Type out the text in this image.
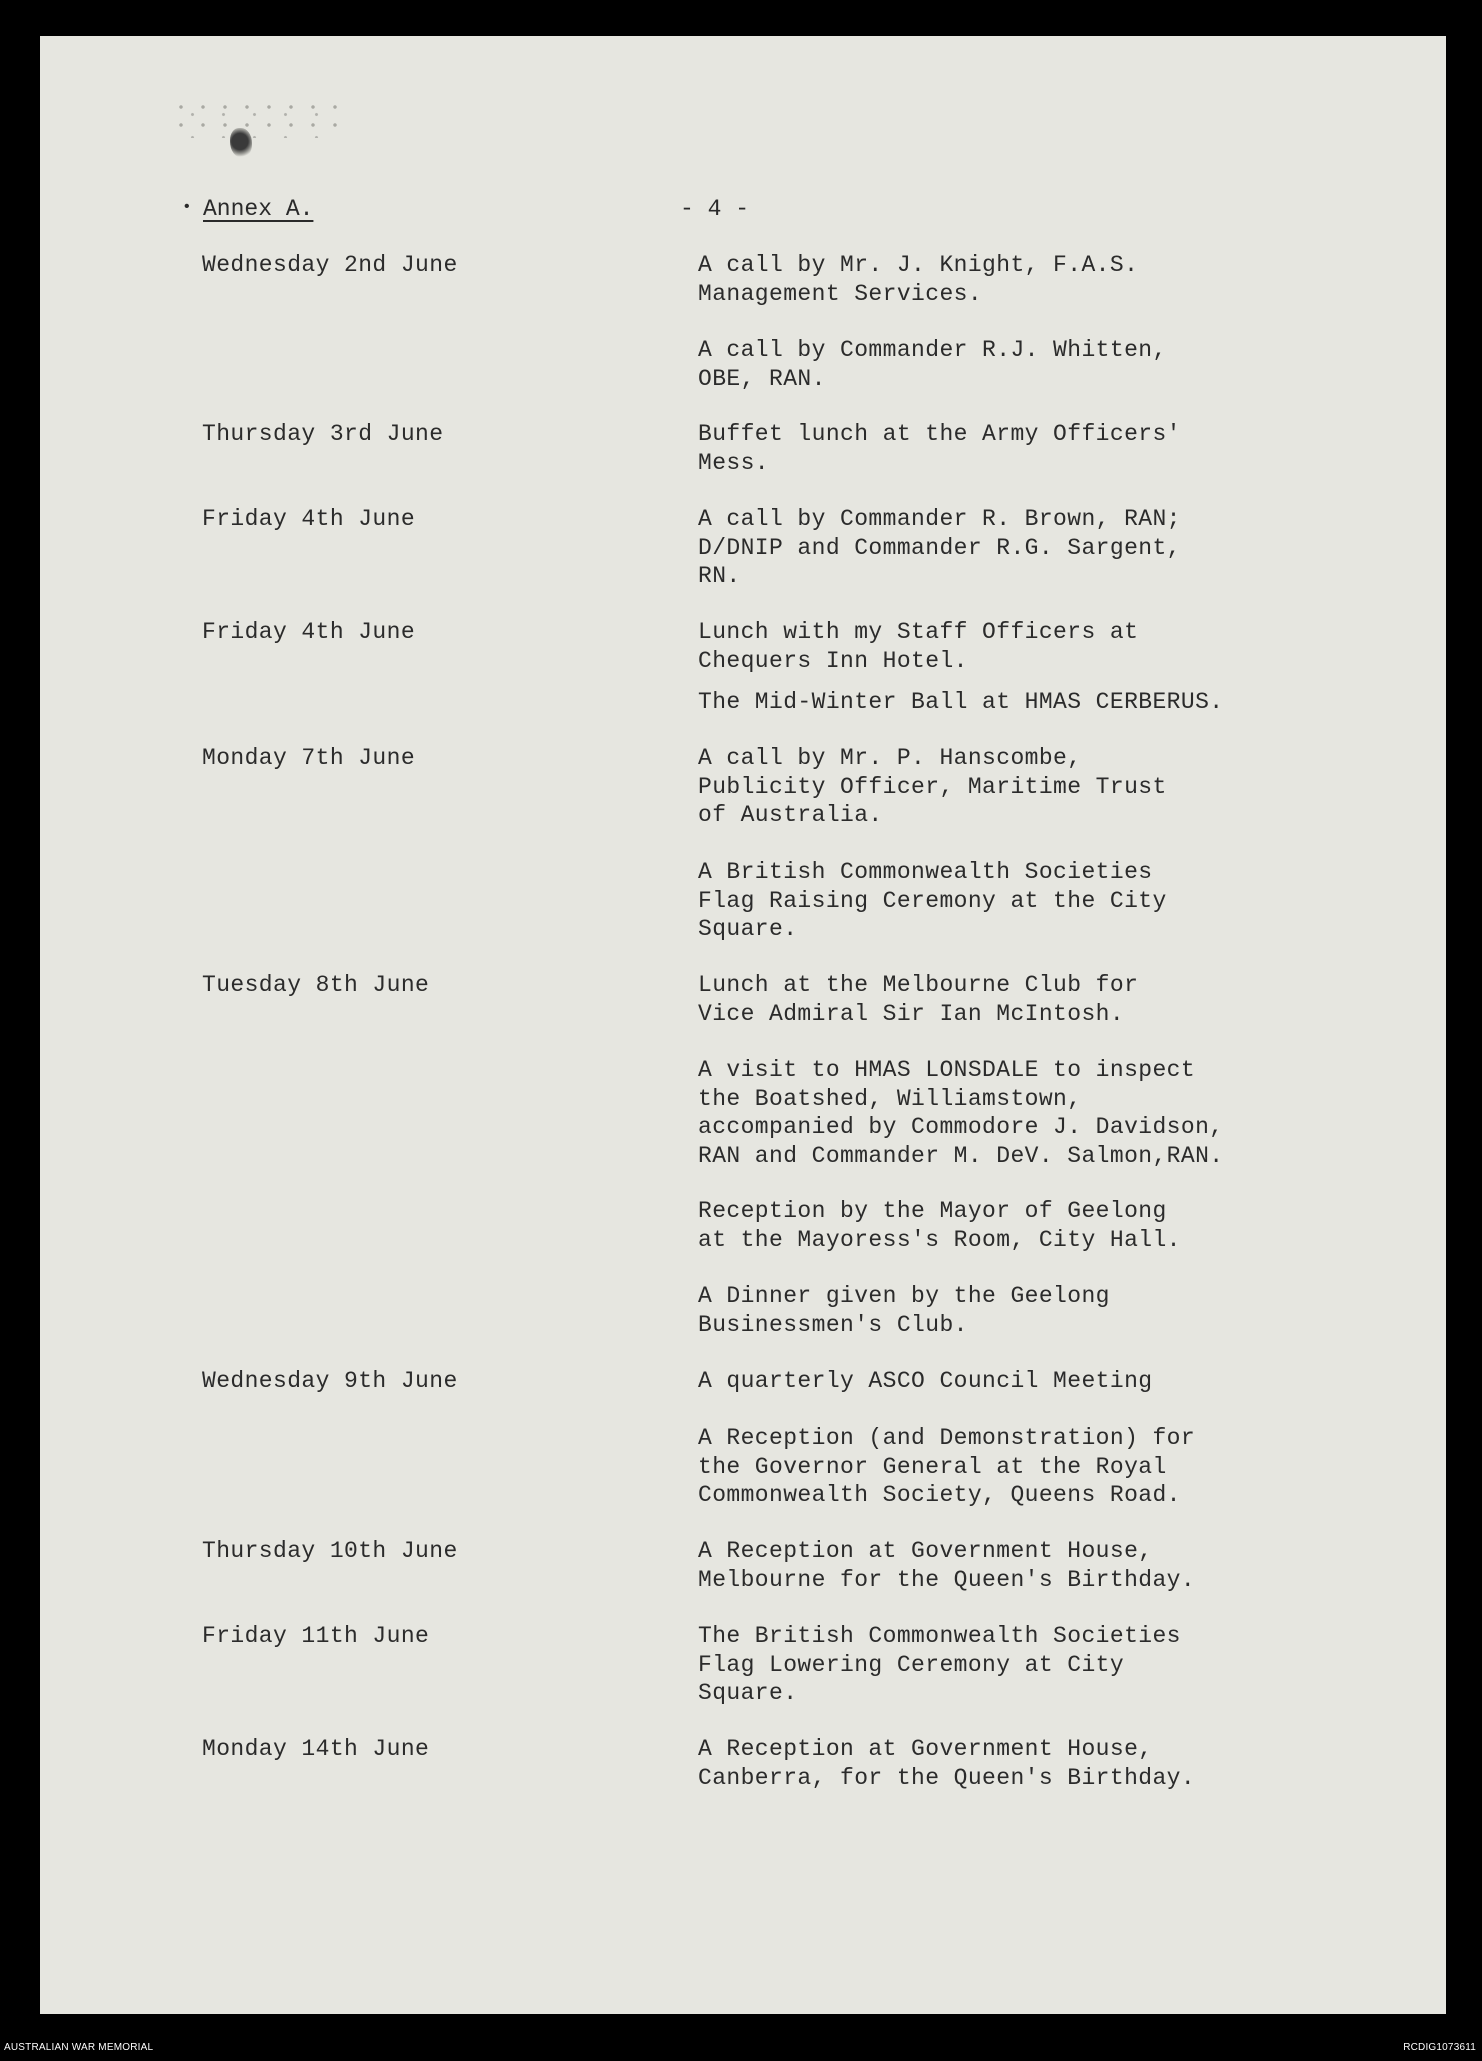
• Annex A.	- 4 -
Wednesday 2nd June	A call by Mr. J. Knight, F.A.S.
Management Services.
A call by Commander R.J. Whitten,
OBE, RAN.
Thursday 3rd June	Buffet lunch at the Army Officers'
Mess.
Friday 4th June	A call by Commander R. Brown, RAN;
D/DNIP and Commander R.G. Sargent,
RN.
Friday 4th June	Lunch with my Staff Officers at
Chequers Inn Hotel.
The Mid-Winter Ball at HMAS CERBERUS.
Monday 7th June	A call by Mr. P. Hanscombe,
Publicity Officer, Maritime Trust
of Australia.
A British Commonwealth Societies
Flag Raising Ceremony at the City
Square.
Tuesday 8th June	Lunch at the Melbourne Club for
Vice Admiral Sir Ian McIntosh.
A visit to HMAS LONSDALE to inspect
the Boatshed, Williamstown,
accompanied by Commodore J. Davidson,
RAN and Commander M. DeV. Salmon,RAN.
Reception by the Mayor of Geelong
at the Mayoress's Room, City Hall.
A Dinner given by the Geelong
Businessmen's Club.
Wednesday 9th June	A quarterly ASCO Council Meeting
A Reception (and Demonstration) for
the Governor General at the Royal
Commonwealth Society, Queens Road.
Thursday 10th June	A Reception at Government House,
Melbourne for the Queen's Birthday.
Friday 11th June	The British Commonwealth Societies
Flag Lowering Ceremony at City
Square.
Monday 14th June	A Reception at Government House,
Canberra, for the Queen's Birthday.
AUSTRALIAN WAR MEMORIAL	RCDIG1073611
